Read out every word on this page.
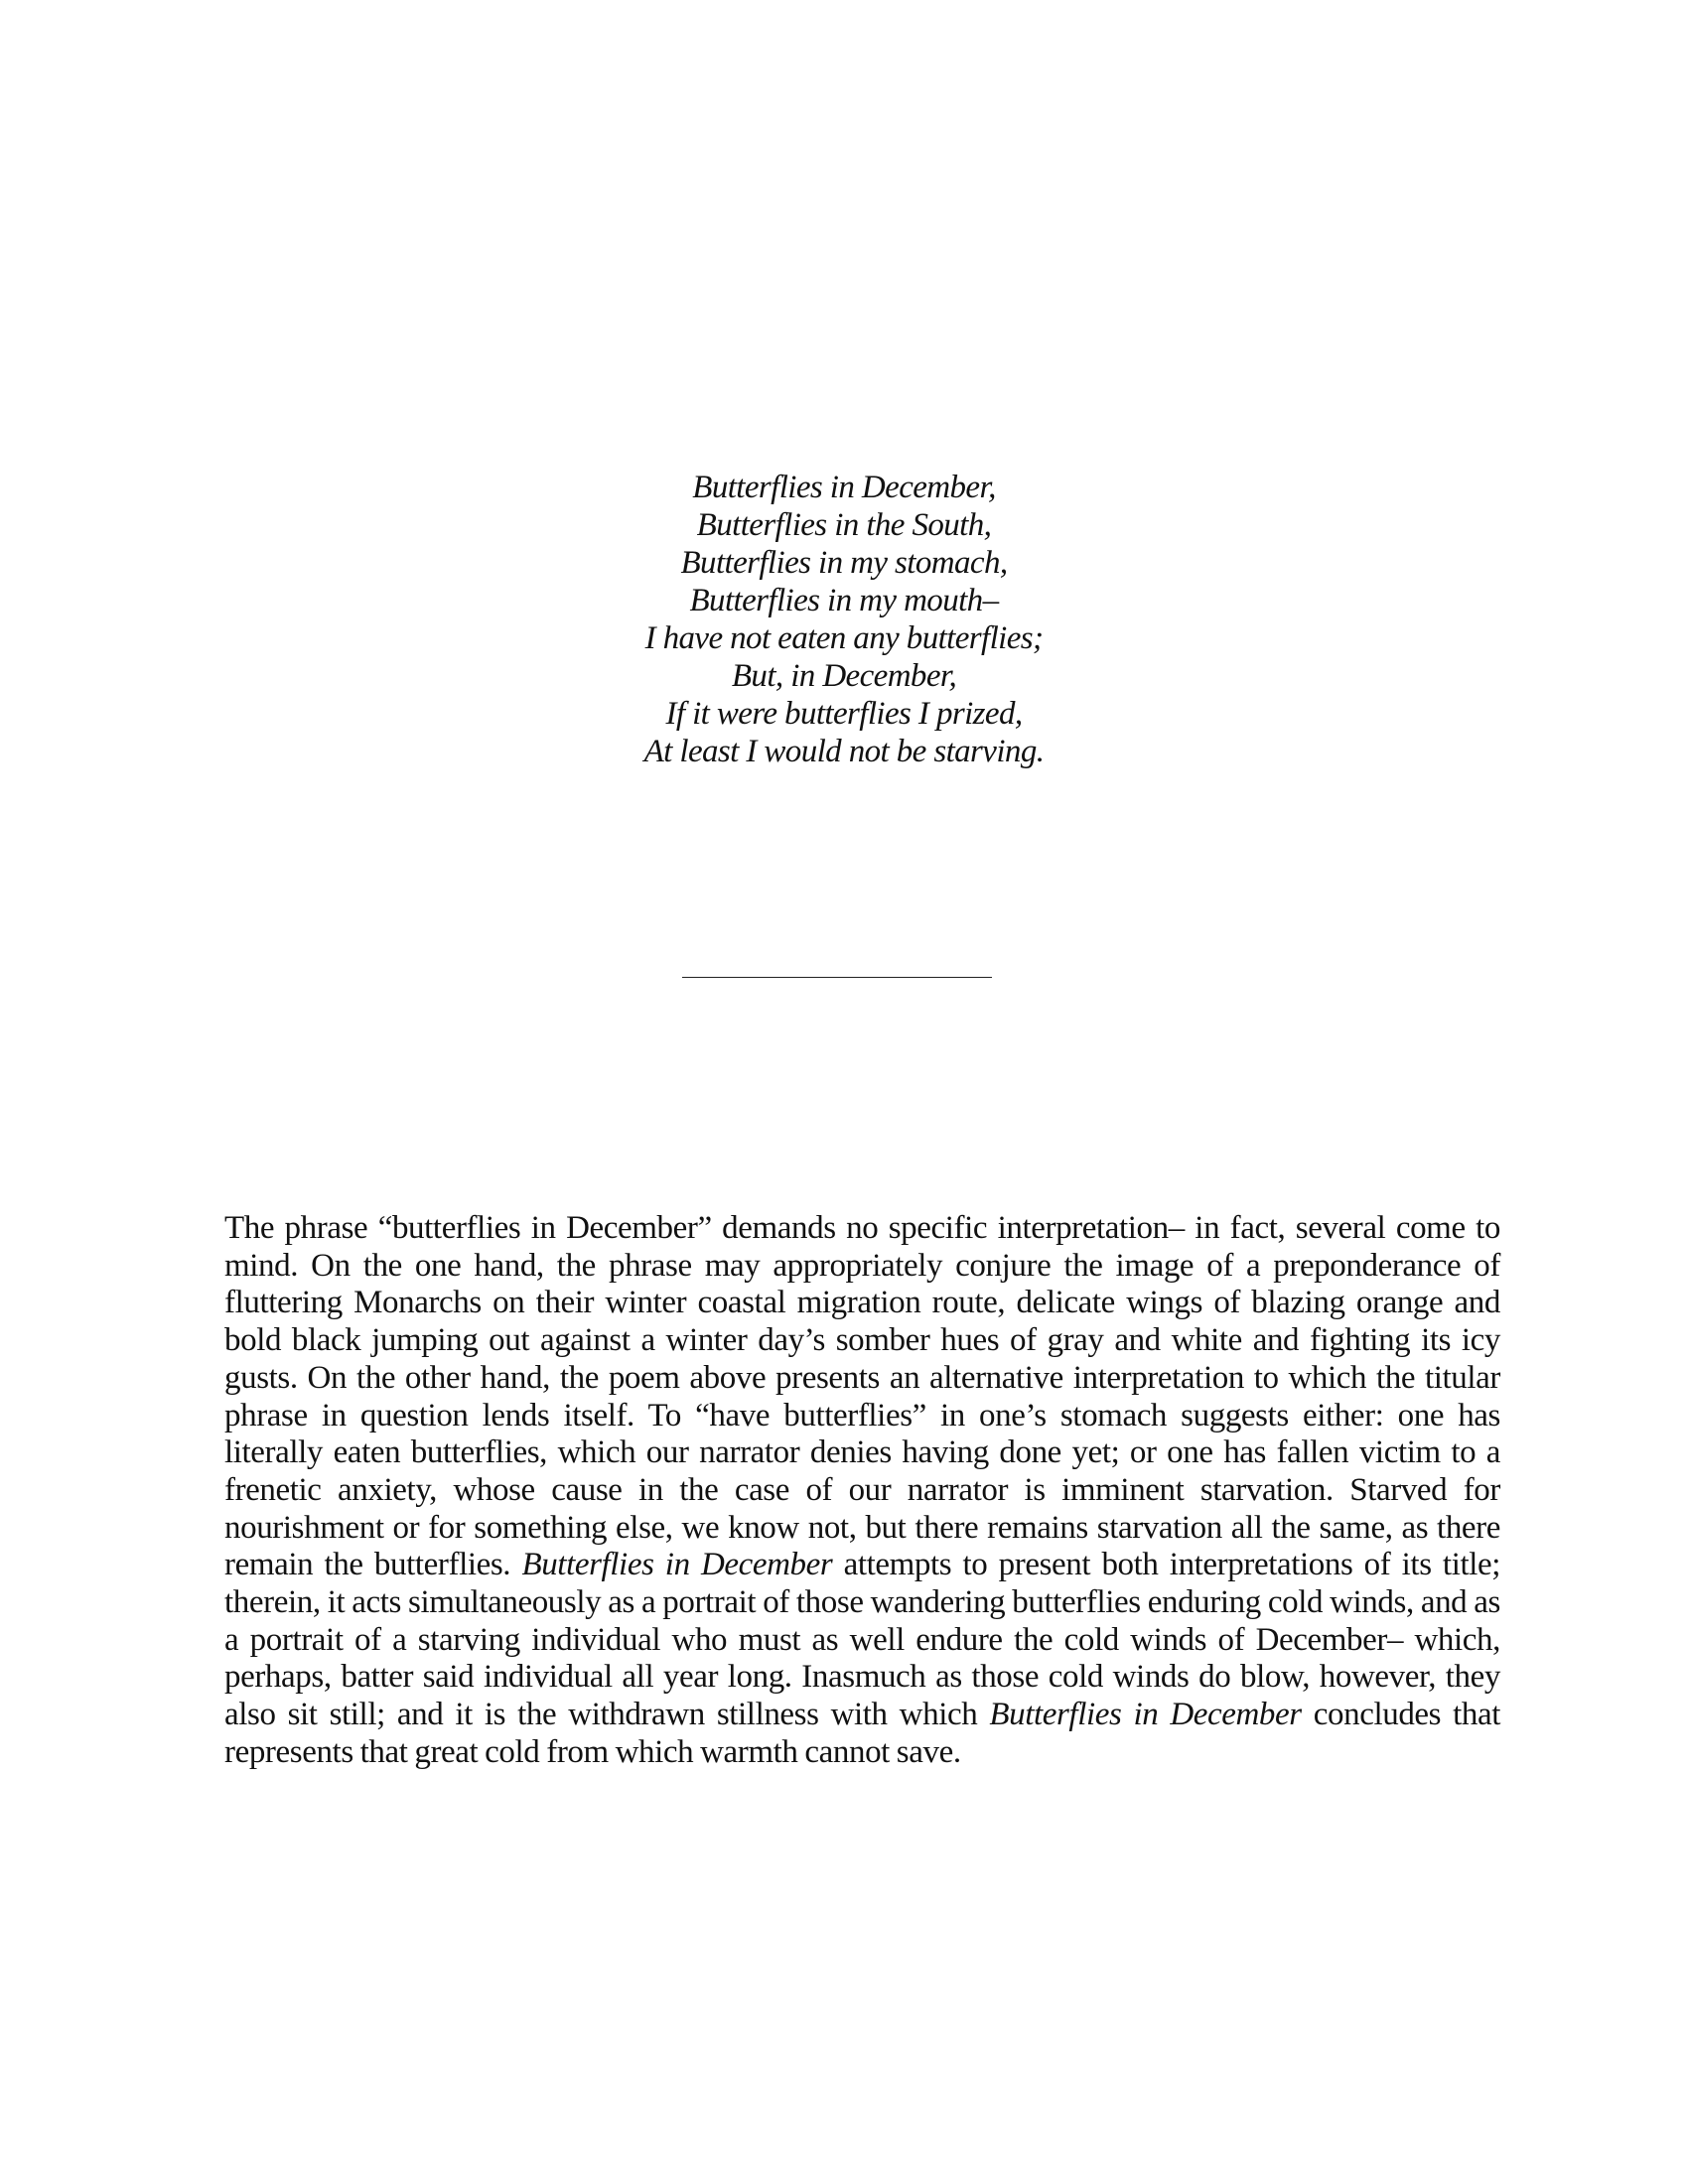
Butterflies in December,
Butterflies in the South,
Butterflies in my stomach,
Butterflies in my mouth–
I have not eaten any butterflies;
But, in December,
If it were butterflies I prized,
At least I would not be starving.

The phrase “butterflies in December” demands no specific interpretation– in fact, several come to mind. On the one hand, the phrase may appropriately conjure the image of a preponderance of fluttering Monarchs on their winter coastal migration route, delicate wings of blazing orange and bold black jumping out against a winter day’s somber hues of gray and white and fighting its icy gusts. On the other hand, the poem above presents an alternative interpretation to which the titular phrase in question lends itself. To “have butterflies” in one’s stomach suggests either: one has literally eaten butterflies, which our narrator denies having done yet; or one has fallen victim to a frenetic anxiety, whose cause in the case of our narrator is imminent starvation. Starved for nourishment or for something else, we know not, but there remains starvation all the same, as there remain the butterflies. Butterflies in December attempts to present both interpretations of its title; therein, it acts simultaneously as a portrait of those wandering butterflies enduring cold winds, and as a portrait of a starving individual who must as well endure the cold winds of December– which, perhaps, batter said individual all year long. Inasmuch as those cold winds do blow, however, they also sit still; and it is the withdrawn stillness with which Butterflies in December concludes that represents that great cold from which warmth cannot save.
